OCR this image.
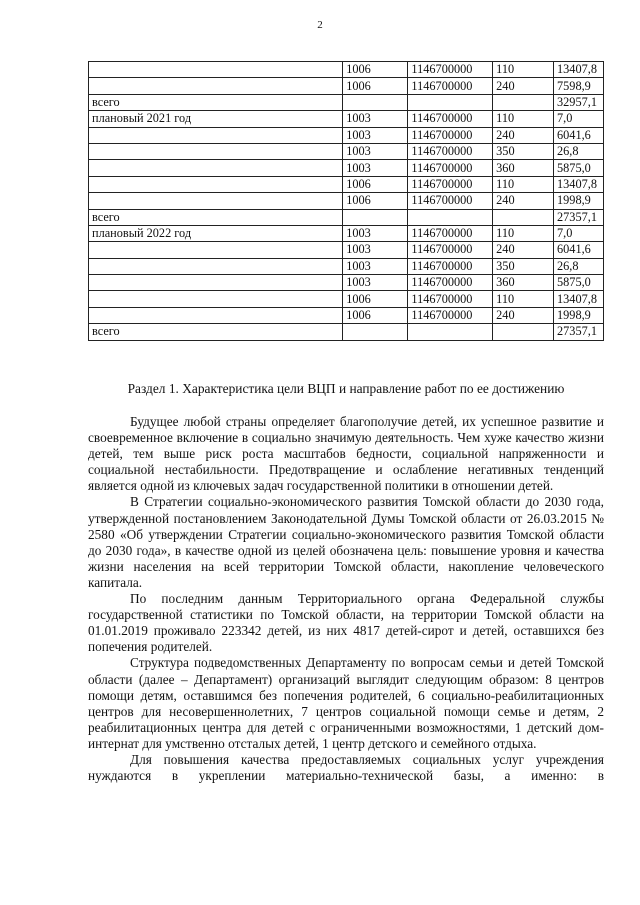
2
	1006	1146700000	110	13407,8
	1006	1146700000	240	7598,9
всего				32957,1
плановый 2021 год	1003	1146700000	110	7,0
	1003	1146700000	240	6041,6
	1003	1146700000	350	26,8
	1003	1146700000	360	5875,0
	1006	1146700000	110	13407,8
	1006	1146700000	240	1998,9
всего				27357,1
плановый 2022 год	1003	1146700000	110	7,0
	1003	1146700000	240	6041,6
	1003	1146700000	350	26,8
	1003	1146700000	360	5875,0
	1006	1146700000	110	13407,8
	1006	1146700000	240	1998,9
всего				27357,1
Раздел 1. Характеристика цели ВЦП и направление работ по ее достижению

Будущее любой страны определяет благополучие детей, их успешное развитие и своевременное включение в социально значимую деятельность. Чем хуже качество жизни детей, тем выше риск роста масштабов бедности, социальной напряженности и социальной нестабильности. Предотвращение и ослабление негативных тенденций является одной из ключевых задач государственной политики в отношении детей.

В Стратегии социально-экономического развития Томской области до 2030 года, утвержденной постановлением Законодательной Думы Томской области от 26.03.2015 № 2580 «Об утверждении Стратегии социально-экономического развития Томской области до 2030 года», в качестве одной из целей обозначена цель: повышение уровня и качества жизни населения на всей территории Томской области, накопление человеческого капитала.

По последним данным Территориального органа Федеральной службы государственной статистики по Томской области, на территории Томской области на 01.01.2019 проживало 223342 детей, из них 4817 детей-сирот и детей, оставшихся без попечения родителей.

Структура подведомственных Департаменту по вопросам семьи и детей Томской области (далее – Департамент) организаций выглядит следующим образом: 8 центров помощи детям, оставшимся без попечения родителей, 6 социально-реабилитационных центров для несовершеннолетних, 7 центров социальной помощи семье и детям, 2 реабилитационных центра для детей с ограниченными возможностями, 1 детский дом-интернат для умственно отсталых детей, 1 центр детского и семейного отдыха.

Для повышения качества предоставляемых социальных услуг учреждения нуждаются в укреплении материально-технической базы, а именно: в
